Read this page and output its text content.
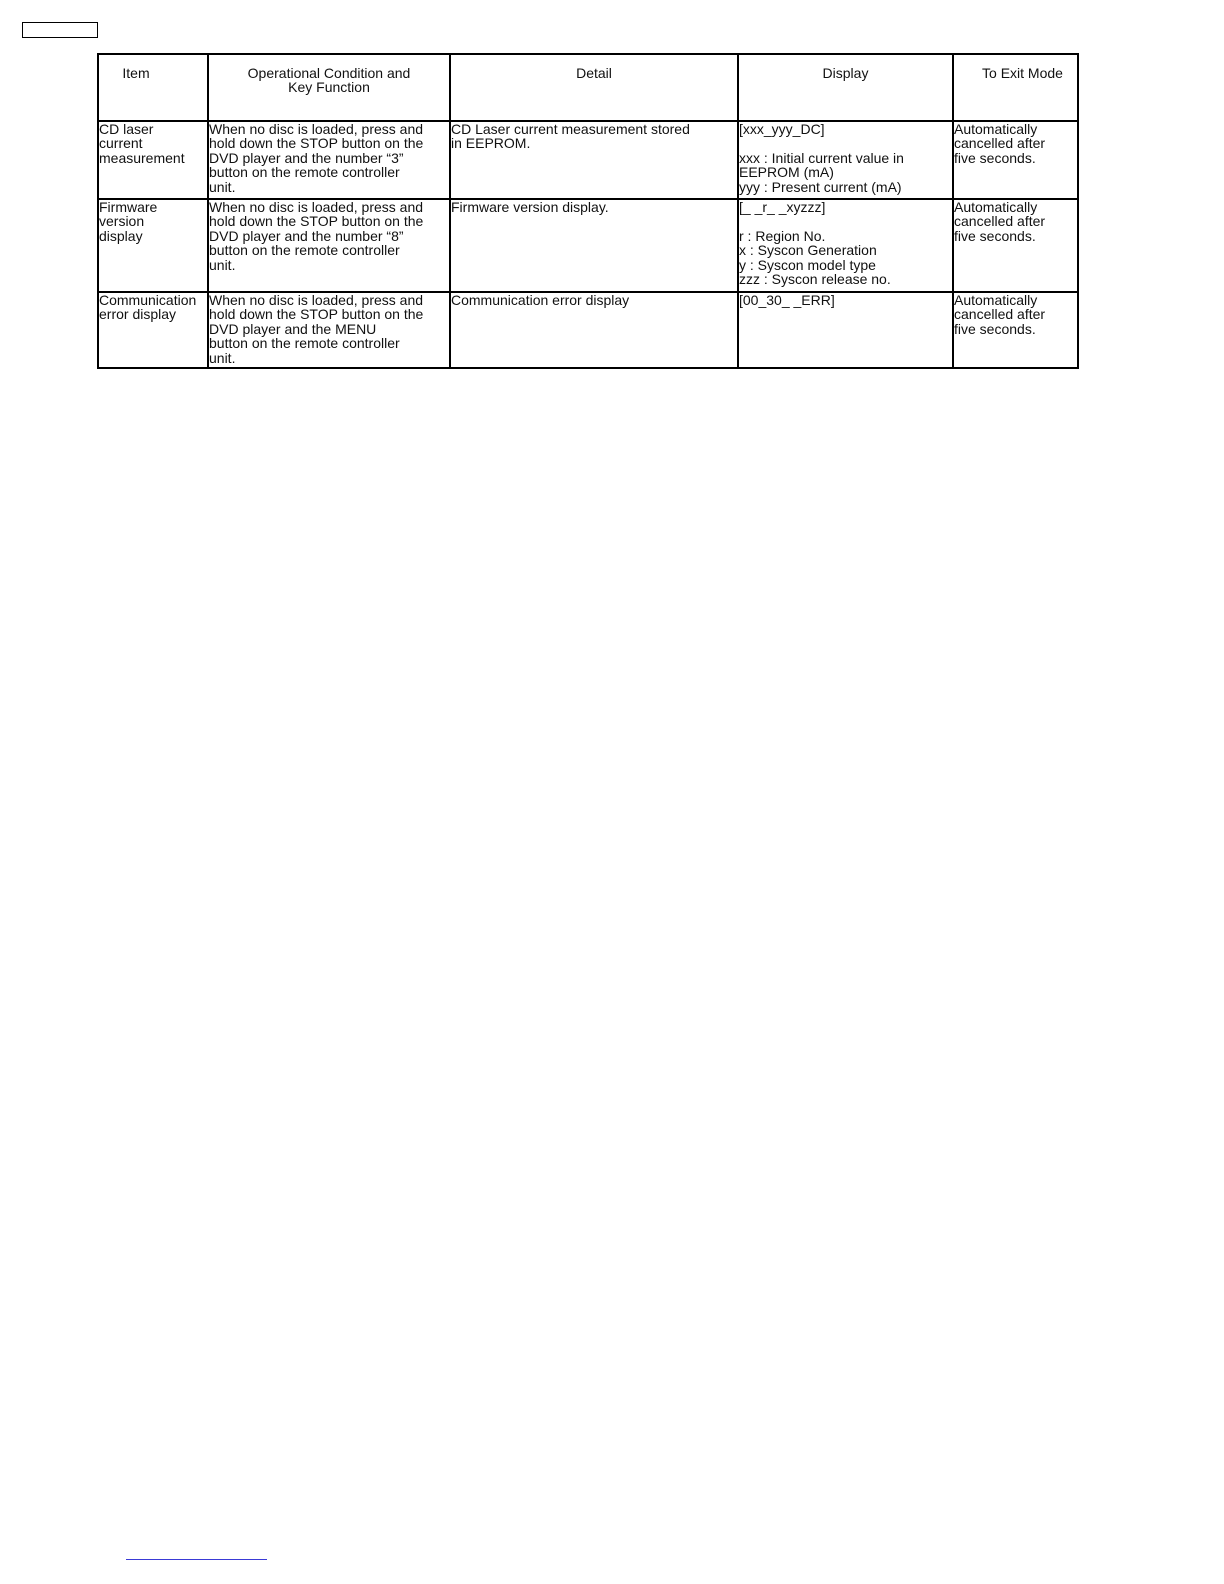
Item	Operational Condition and
Key Function	Detail	Display	To Exit Mode

CD laser
current
measurement	When no disc is loaded, press and
hold down the STOP button on the
DVD player and the number “3”
button on the remote controller
unit.	CD Laser current measurement stored
in EEPROM.	[xxx_yyy_DC]

xxx : Initial current value in
EEPROM (mA)
yyy : Present current (mA)	Automatically
cancelled after
five seconds.

Firmware
version
display	When no disc is loaded, press and
hold down the STOP button on the
DVD player and the number “8”
button on the remote controller
unit.	Firmware version display.	[_ _r_ _xyzzz]

r : Region No.
x : Syscon Generation
y : Syscon model type
zzz : Syscon release no.	Automatically
cancelled after
five seconds.

Communication
error display	When no disc is loaded, press and
hold down the STOP button on the
DVD player and the MENU
button on the remote controller
unit.	Communication error display	[00_30_ _ERR]	Automatically
cancelled after
five seconds.
